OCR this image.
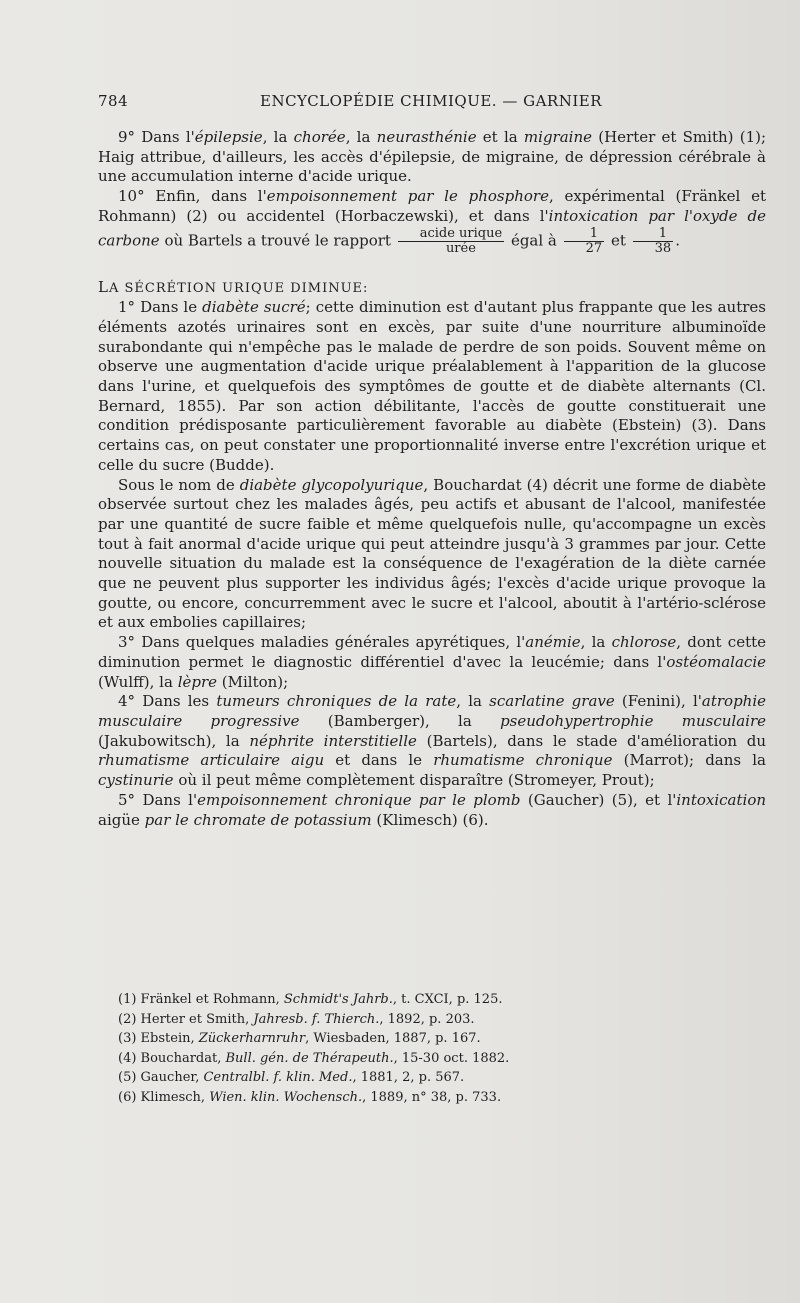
784	ENCYCLOPÉDIE CHIMIQUE. — GARNIER

9° Dans l'épilepsie, la chorée, la neurasthénie et la migraine (Herter et Smith) (1); Haig attribue, d'ailleurs, les accès d'épilepsie, de migraine, de dépression cérébrale à une accumulation interne d'acide urique.

10° Enfin, dans l'empoisonnement par le phosphore, expérimental (Fränkel et Rohmann) (2) ou accidentel (Horbaczewski), et dans l'intoxication par l'oxyde de carbone où Bartels a trouvé le rapport $\frac{\text{acide urique}}{\text{urée}}$ égal à $\frac{1}{27}$ et $\frac{1}{38}$ .

LA SÉCRÉTION URIQUE DIMINUE:

1° Dans le diabète sucré; cette diminution est d'autant plus frappante que les autres éléments azotés urinaires sont en excès, par suite d'une nourriture albuminoïde surabondante qui n'empêche pas le malade de perdre de son poids. Souvent même on observe une augmentation d'acide urique préalablement à l'apparition de la glucose dans l'urine, et quelquefois des symptômes de goutte et de diabète alternants (Cl. Bernard, 1855). Par son action débilitante, l'accès de goutte constituerait une condition prédisposante particulièrement favorable au diabète (Ebstein) (3). Dans certains cas, on peut constater une proportionnalité inverse entre l'excrétion urique et celle du sucre (Budde).

Sous le nom de diabète glycopolyurique, Bouchardat (4) décrit une forme de diabète observée surtout chez les malades âgés, peu actifs et abusant de l'alcool, manifestée par une quantité de sucre faible et même quelquefois nulle, qu'accompagne un excès tout à fait anormal d'acide urique qui peut atteindre jusqu'à 3 grammes par jour. Cette nouvelle situation du malade est la conséquence de l'exagération de la diète carnée que ne peuvent plus supporter les individus âgés; l'excès d'acide urique provoque la goutte, ou encore, concurremment avec le sucre et l'alcool, aboutit à l'artério-sclérose et aux embolies capillaires;

3° Dans quelques maladies générales apyrétiques, l'anémie, la chlorose, dont cette diminution permet le diagnostic différentiel d'avec la leucémie; dans l'ostéomalacie (Wulff), la lèpre (Milton);

4° Dans les tumeurs chroniques de la rate, la scarlatine grave (Fenini), l'atrophie musculaire progressive (Bamberger), la pseudohypertrophie musculaire (Jakubowitsch), la néphrite interstitielle (Bartels), dans le stade d'amélioration du rhumatisme articulaire aigu et dans le rhumatisme chronique (Marrot); dans la cystinurie où il peut même complètement disparaître (Stromeyer, Prout);

5° Dans l'empoisonnement chronique par le plomb (Gaucher) (5), et l'intoxication aigüe par le chromate de potassium (Klimesch) (6).

(1) Fränkel et Rohmann, Schmidt's Jahrb., t. CXCI, p. 125.
(2) Herter et Smith, Jahresb. f. Thierch., 1892, p. 203.
(3) Ebstein, Zückerharnruhr, Wiesbaden, 1887, p. 167.
(4) Bouchardat, Bull. gén. de Thérapeuth., 15-30 oct. 1882.
(5) Gaucher, Centralbl. f. klin. Med., 1881, 2, p. 567.
(6) Klimesch, Wien. klin. Wochensch., 1889, n° 38, p. 733.
